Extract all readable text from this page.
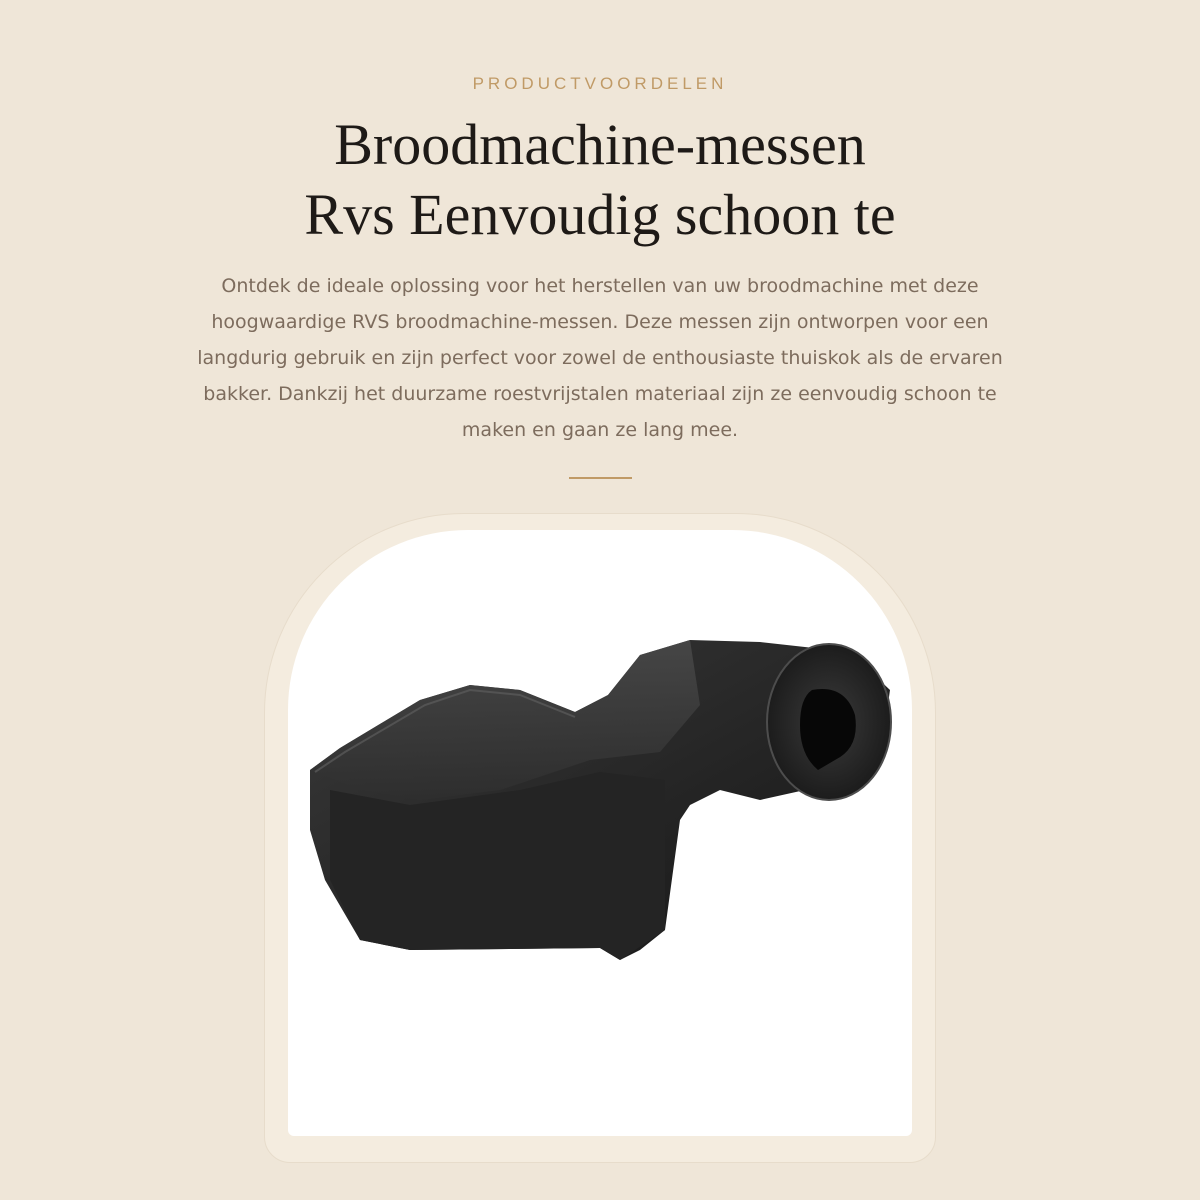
PRODUCTVOORDELEN
Broodmachine-messen
Rvs Eenvoudig schoon te

Ontdek de ideale oplossing voor het herstellen van uw broodmachine met deze hoogwaardige RVS broodmachine-messen. Deze messen zijn ontworpen voor een langdurig gebruik en zijn perfect voor zowel de enthousiaste thuiskok als de ervaren bakker. Dankzij het duurzame roestvrijstalen materiaal zijn ze eenvoudig schoon te maken en gaan ze lang mee.
